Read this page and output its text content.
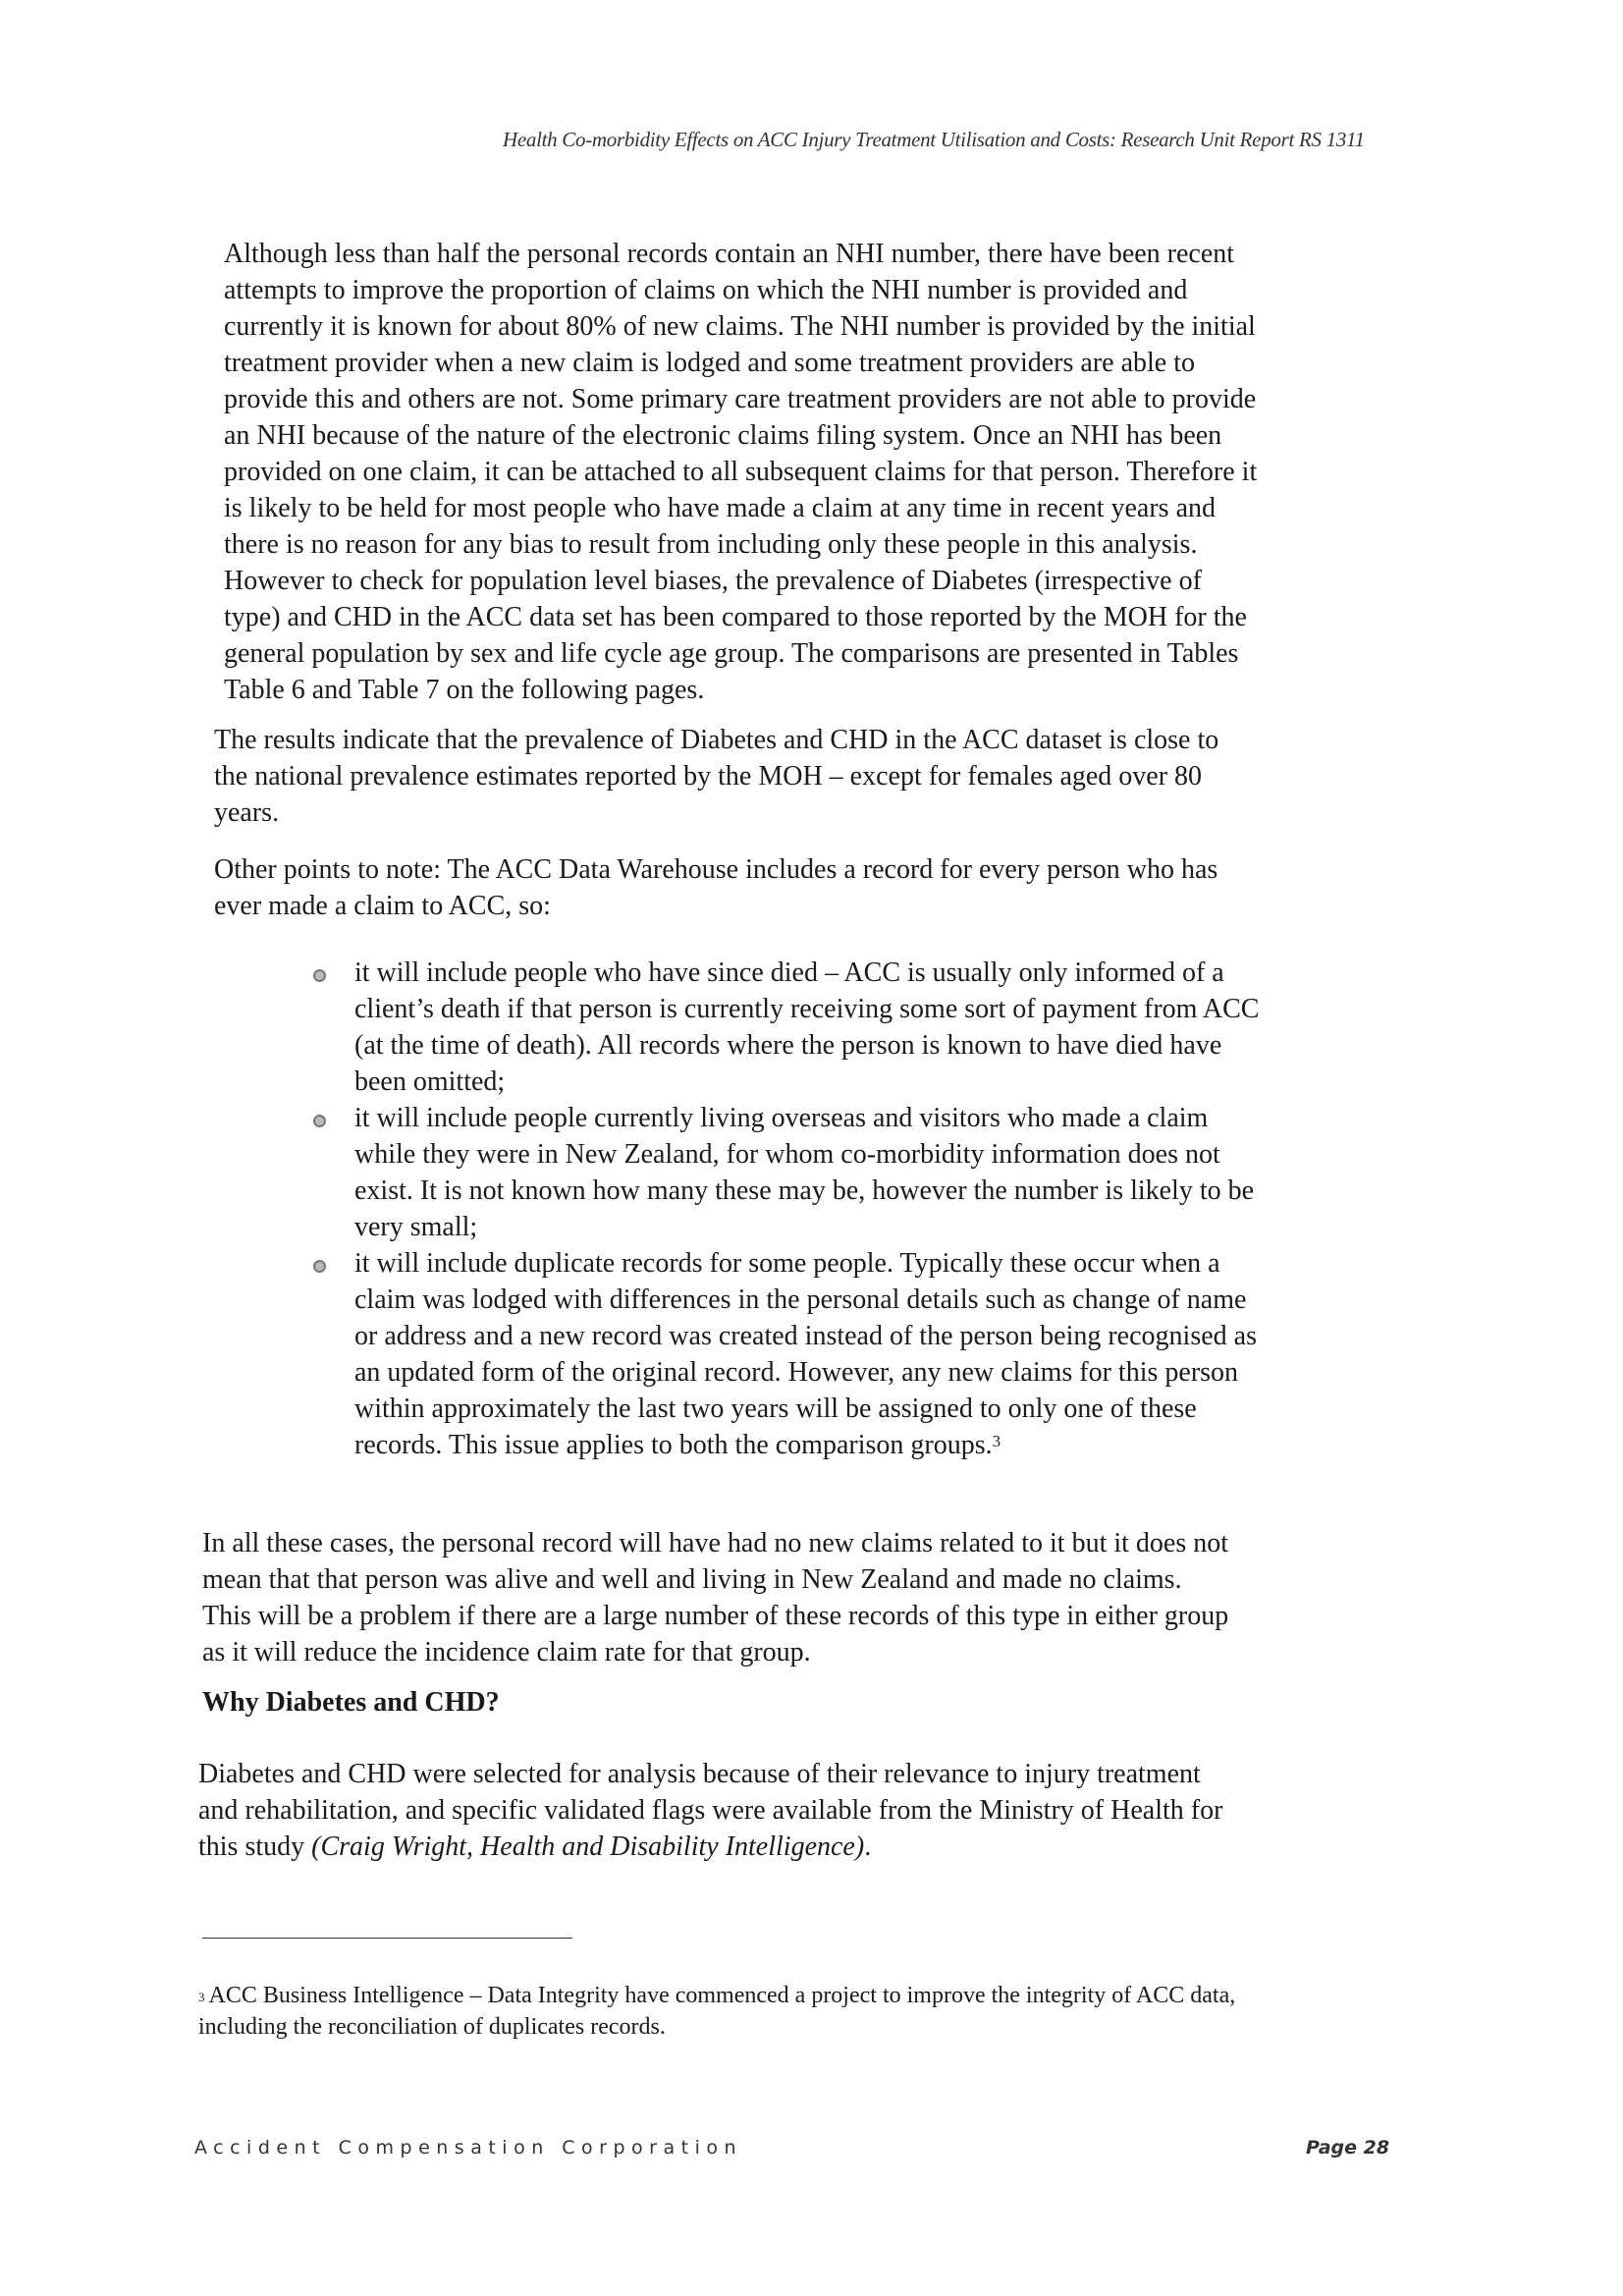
Health Co-morbidity Effects on ACC Injury Treatment Utilisation and Costs: Research Unit Report RS 1311
Although less than half the personal records contain an NHI number, there have been recent
attempts to improve the proportion of claims on which the NHI number is provided and
currently it is known for about 80% of new claims. The NHI number is provided by the initial
treatment provider when a new claim is lodged and some treatment providers are able to
provide this and others are not. Some primary care treatment providers are not able to provide
an NHI because of the nature of the electronic claims filing system. Once an NHI has been
provided on one claim, it can be attached to all subsequent claims for that person. Therefore it
is likely to be held for most people who have made a claim at any time in recent years and
there is no reason for any bias to result from including only these people in this analysis.
However to check for population level biases, the prevalence of Diabetes (irrespective of
type) and CHD in the ACC data set has been compared to those reported by the MOH for the
general population by sex and life cycle age group. The comparisons are presented in Tables
Table 6 and Table 7 on the following pages.
The results indicate that the prevalence of Diabetes and CHD in the ACC dataset is close to
the national prevalence estimates reported by the MOH – except for females aged over 80
years.
Other points to note: The ACC Data Warehouse includes a record for every person who has
ever made a claim to ACC, so:
it will include people who have since died – ACC is usually only informed of a
client’s death if that person is currently receiving some sort of payment from ACC
(at the time of death). All records where the person is known to have died have
been omitted;
it will include people currently living overseas and visitors who made a claim
while they were in New Zealand, for whom co-morbidity information does not
exist. It is not known how many these may be, however the number is likely to be
very small;
it will include duplicate records for some people. Typically these occur when a
claim was lodged with differences in the personal details such as change of name
or address and a new record was created instead of the person being recognised as
an updated form of the original record. However, any new claims for this person
within approximately the last two years will be assigned to only one of these
records. This issue applies to both the comparison groups.$^3$
In all these cases, the personal record will have had no new claims related to it but it does not
mean that that person was alive and well and living in New Zealand and made no claims.
This will be a problem if there are a large number of these records of this type in either group
as it will reduce the incidence claim rate for that group.
Why Diabetes and CHD?
Diabetes and CHD were selected for analysis because of their relevance to injury treatment
and rehabilitation, and specific validated flags were available from the Ministry of Health for
this study (Craig Wright, Health and Disability Intelligence).
$^3$ ACC Business Intelligence – Data Integrity have commenced a project to improve the integrity of ACC data,
including the reconciliation of duplicates records.
Accident Compensation Corporation	Page 28
